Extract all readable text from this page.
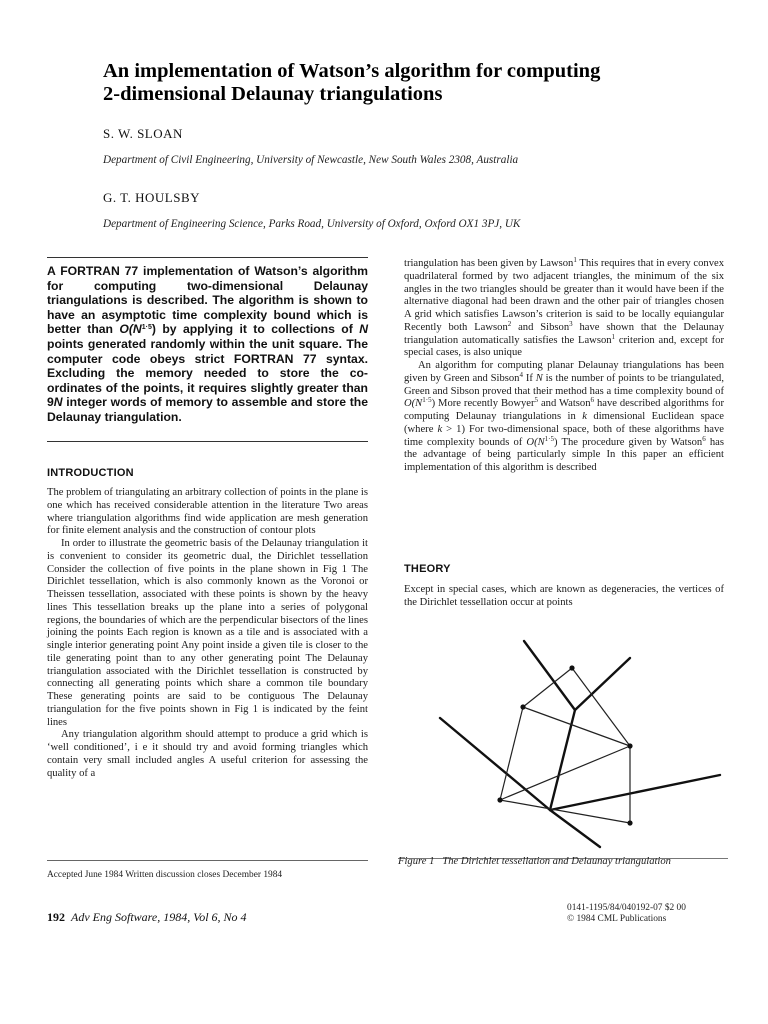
An implementation of Watson’s algorithm for computing
2-dimensional Delaunay triangulations
S. W. SLOAN
Department of Civil Engineering, University of Newcastle, New South Wales 2308, Australia
G. T. HOULSBY
Department of Engineering Science, Parks Road, University of Oxford, Oxford OX1 3PJ, UK
A FORTRAN 77 implementation of Watson’s algorithm for computing two-dimensional Delaunay triangulations is described. The algorithm is shown to have an asymptotic time complexity bound which is better than $O(N^{1\cdot 5})$ by applying it to collections of N points generated randomly within the unit square. The computer code obeys strict FORTRAN 77 syntax. Excluding the memory needed to store the co-ordinates of the points, it requires slightly greater than 9N integer words of memory to assemble and store the Delaunay triangulation.
INTRODUCTION

The problem of triangulating an arbitrary collection of points in the plane is one which has received considerable attention in the literature Two areas where triangulation algorithms find wide application are mesh generation for finite element analysis and the construction of contour plots

In order to illustrate the geometric basis of the Delaunay triangulation it is convenient to consider its geometric dual, the Dirichlet tessellation Consider the collection of five points in the plane shown in Fig 1 The Dirichlet tessellation, which is also commonly known as the Voronoi or Theissen tessellation, associated with these points is shown by the heavy lines This tessellation breaks up the plane into a series of polygonal regions, the boundaries of which are the perpendicular bisectors of the lines joining the points Each region is known as a tile and is associated with a single interior generating point Any point inside a given tile is closer to the tile generating point than to any other generating point The Delaunay triangulation associated with the Dirichlet tessellation is constructed by connecting all generating points which share a common tile boundary These generating points are said to be contiguous The Delaunay triangulation for the five points shown in Fig 1 is indicated by the feint lines

Any triangulation algorithm should attempt to produce a grid which is ‘well conditioned’, i e it should try and avoid forming triangles which contain very small included angles A useful criterion for assessing the quality of a

Accepted June 1984 Written discussion closes December 1984

triangulation has been given by Lawson$^1$ This requires that in every convex quadrilateral formed by two adjacent triangles, the minimum of the six angles in the two triangles should be greater than it would have been if the alternative diagonal had been drawn and the other pair of triangles chosen A grid which satisfies Lawson’s criterion is said to be locally equiangular Recently both Lawson$^2$ and Sibson$^3$ have shown that the Delaunay triangulation automatically satisfies the Lawson$^1$ criterion and, except for special cases, is also unique

An algorithm for computing planar Delaunay triangulations has been given by Green and Sibson$^4$ If N is the number of points to be triangulated, Green and Sibson proved that their method has a time complexity bound of $O(N^{1\cdot 5})$ More recently Bowyer$^5$ and Watson$^6$ have described algorithms for computing Delaunay triangulations in k dimensional Euclidean space (where k > 1) For two-dimensional space, both of these algorithms have time complexity bounds of $O(N^{1\cdot 5})$ The procedure given by Watson$^6$ has the advantage of being particularly simple In this paper an efficient implementation of this algorithm is described

THEORY

Except in special cases, which are known as degeneracies, the vertices of the Dirichlet tessellation occur at points

Figure 1 The Dirichlet tessellation and Delaunay triangulation
192 Adv Eng Software, 1984, Vol 6, No 4
0141-1195/84/040192-07 $2 00
© 1984 CML Publications
